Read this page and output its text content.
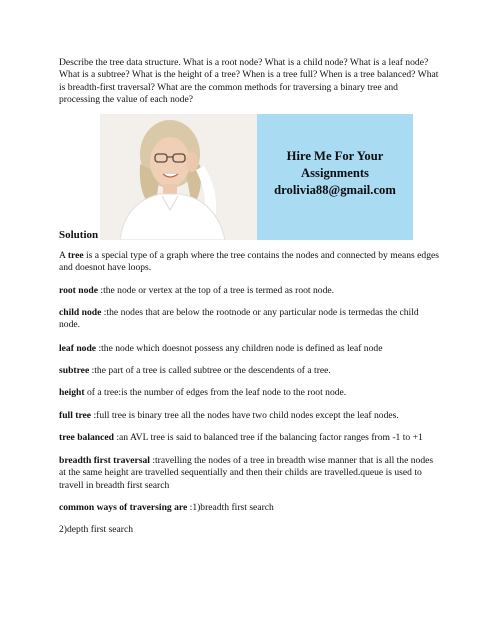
Describe the tree data structure. What is a root node? What is a child node? What is a leaf node? What is a subtree? What is the height of a tree? When is a tree full? When is a tree balanced? What is breadth-first traversal? What are the common methods for traversing a binary tree and processing the value of each node?

Solution
Hire Me For Your
Assignments
drolivia88@gmail.com

A tree is a special type of a graph where the tree contains the nodes and connected by means edges and doesnot have loops.

root node :the node or vertex at the top of a tree is termed as root node.

child node :the nodes that are below the rootnode or any particular node is termedas the child node.

leaf node :the node which doesnot possess any children node is defined as leaf node

subtree :the part of a tree is called subtree or the descendents of a tree.

height of a tree:is the number of edges from the leaf node to the root node.

full tree :full tree is binary tree all the nodes have two child nodes except the leaf nodes.

tree balanced :an AVL tree is said to balanced tree if the balancing factor ranges from -1 to +1

breadth first traversal :travelling the nodes of a tree in breadth wise manner that is all the nodes at the same height are travelled sequentially and then their childs are travelled.queue is used to travell in breadth first search

common ways of traversing are :1)breadth first search

2)depth first search
